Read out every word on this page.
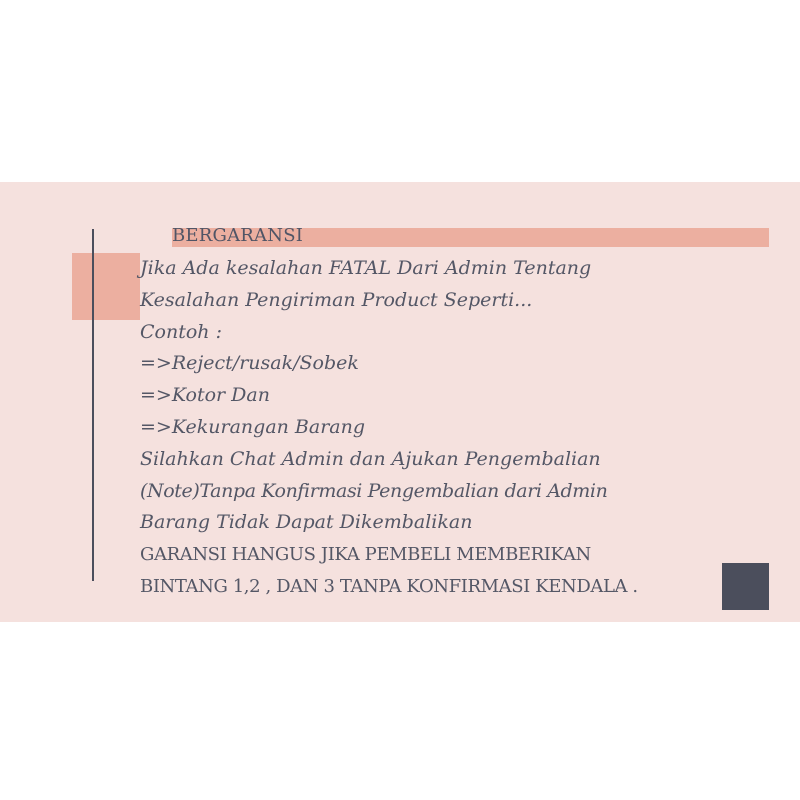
BERGARANSI
Jika Ada kesalahan FATAL Dari Admin Tentang
Kesalahan Pengiriman Product Seperti...
Contoh :
=>Reject/rusak/Sobek
=>Kotor Dan
=>Kekurangan Barang
Silahkan Chat Admin dan Ajukan Pengembalian
(Note)Tanpa Konfirmasi Pengembalian dari Admin
Barang Tidak Dapat Dikembalikan
GARANSI HANGUS JIKA PEMBELI MEMBERIKAN
BINTANG 1,2 , DAN 3 TANPA KONFIRMASI KENDALA .
